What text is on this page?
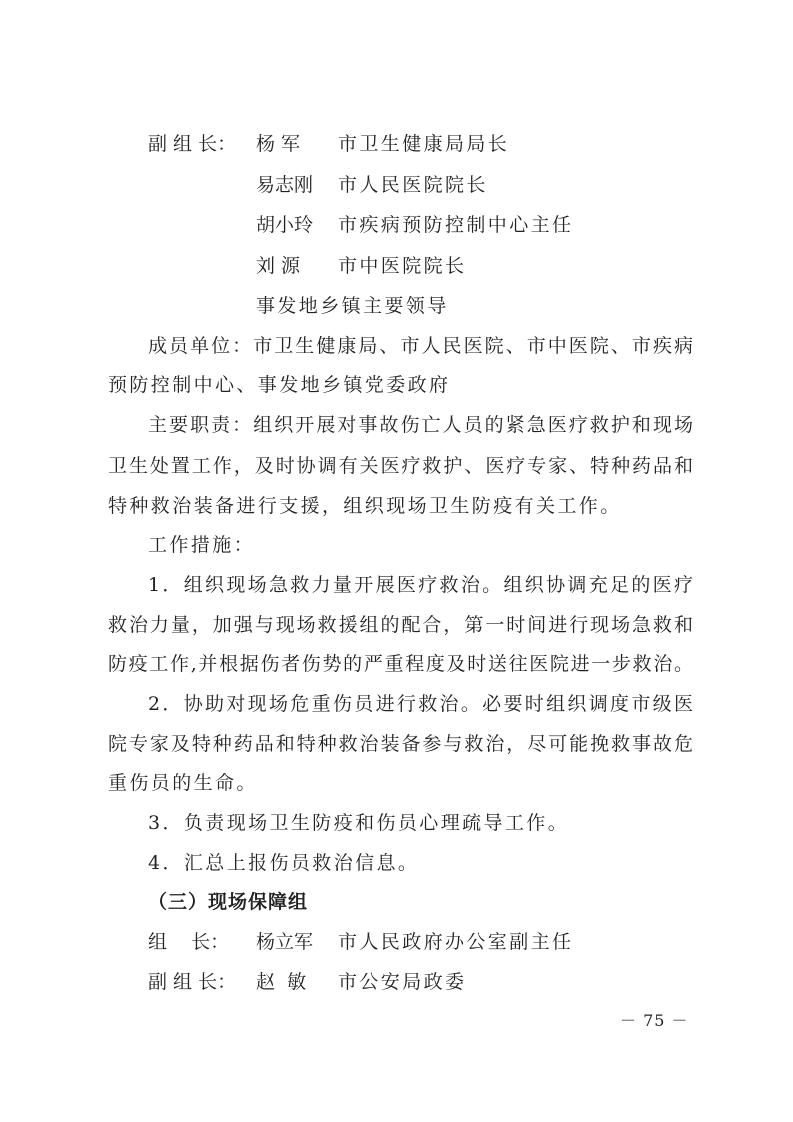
副 组 长： 杨 军 市卫生健康局局长
易志刚 市人民医院院长
胡小玲 市疾病预防控制中心主任
刘 源 市中医院院长
事发地乡镇主要领导
成员单位：市卫生健康局、市人民医院、市中医院、市疾病
预防控制中心、事发地乡镇党委政府
主要职责：组织开展对事故伤亡人员的紧急医疗救护和现场
卫生处置工作，及时协调有关医疗救护、医疗专家、特种药品和
特种救治装备进行支援，组织现场卫生防疫有关工作。
工作措施：
1．组织现场急救力量开展医疗救治。组织协调充足的医疗
救治力量，加强与现场救援组的配合，第一时间进行现场急救和
防疫工作,并根据伤者伤势的严重程度及时送往医院进一步救治。
2．协助对现场危重伤员进行救治。必要时组织调度市级医
院专家及特种药品和特种救治装备参与救治，尽可能挽救事故危
重伤员的生命。
3．负责现场卫生防疫和伤员心理疏导工作。
4．汇总上报伤员救治信息。
（三）现场保障组
组    长： 杨立军 市人民政府办公室副主任
副 组 长： 赵  敏 市公安局政委
－ 75 －
